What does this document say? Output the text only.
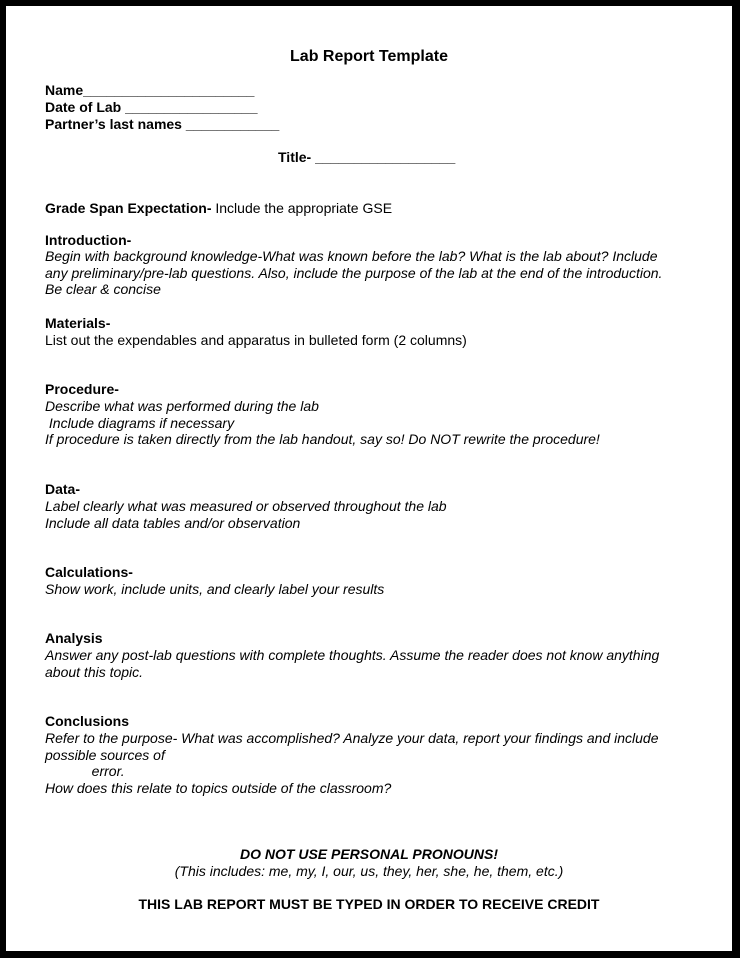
Lab Report Template
Name______________________
Date of Lab _________________
Partner’s last names ____________
Title- __________________
Grade Span Expectation- Include the appropriate GSE
Introduction-
Begin with background knowledge-What was known before the lab? What is the lab about? Include
any preliminary/pre-lab questions. Also, include the purpose of the lab at the end of the introduction.
Be clear & concise
Materials-
List out the expendables and apparatus in bulleted form (2 columns)
Procedure-
Describe what was performed during the lab
Include diagrams if necessary
If procedure is taken directly from the lab handout, say so! Do NOT rewrite the procedure!
Data-
Label clearly what was measured or observed throughout the lab
Include all data tables and/or observation
Calculations-
Show work, include units, and clearly label your results
Analysis
Answer any post-lab questions with complete thoughts. Assume the reader does not know anything
about this topic.
Conclusions
Refer to the purpose- What was accomplished? Analyze your data, report your findings and include
possible sources of
error.
How does this relate to topics outside of the classroom?
DO NOT USE PERSONAL PRONOUNS!
(This includes: me, my, I, our, us, they, her, she, he, them, etc.)
THIS LAB REPORT MUST BE TYPED IN ORDER TO RECEIVE CREDIT
